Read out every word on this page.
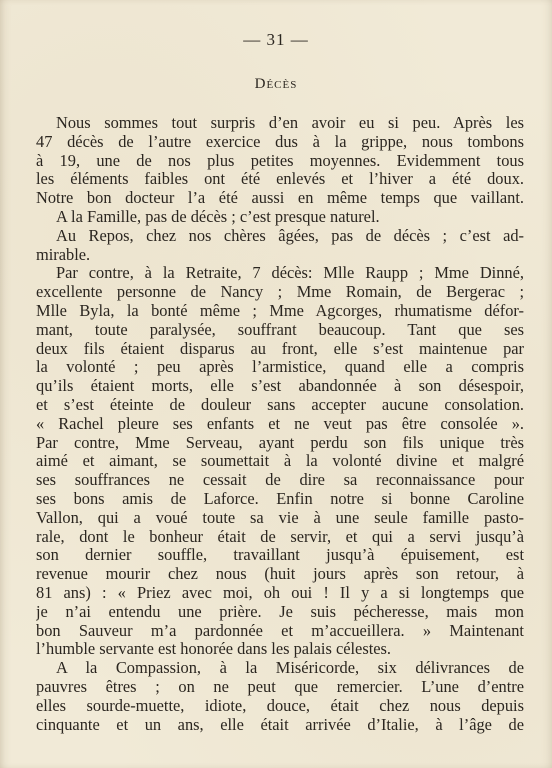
— 31 —
Décès
Nous sommes tout surpris d’en avoir eu si peu. Après les
47 décès de l’autre exercice dus à la grippe, nous tombons
à 19, une de nos plus petites moyennes. Evidemment tous
les éléments faibles ont été enlevés et l’hiver a été doux.
Notre bon docteur l’a été aussi en même temps que vaillant.
A la Famille, pas de décès ; c’est presque naturel.
Au Repos, chez nos chères âgées, pas de décès ; c’est ad-
mirable.
Par contre, à la Retraite, 7 décès: Mlle Raupp ; Mme Dinné,
excellente personne de Nancy ; Mme Romain, de Bergerac ;
Mlle Byla, la bonté même ; Mme Agcorges, rhumatisme défor-
mant, toute paralysée, souffrant beaucoup. Tant que ses
deux fils étaient disparus au front, elle s’est maintenue par
la volonté ; peu après l’armistice, quand elle a compris
qu’ils étaient morts, elle s’est abandonnée à son désespoir,
et s’est éteinte de douleur sans accepter aucune consolation.
« Rachel pleure ses enfants et ne veut pas être consolée ».
Par contre, Mme Serveau, ayant perdu son fils unique très
aimé et aimant, se soumettait à la volonté divine et malgré
ses souffrances ne cessait de dire sa reconnaissance pour
ses bons amis de Laforce. Enfin notre si bonne Caroline
Vallon, qui a voué toute sa vie à une seule famille pasto-
rale, dont le bonheur était de servir, et qui a servi jusqu’à
son dernier souffle, travaillant jusqu’à épuisement, est
revenue mourir chez nous (huit jours après son retour, à
81 ans) : « Priez avec moi, oh oui ! Il y a si longtemps que
je n’ai entendu une prière. Je suis pécheresse, mais mon
bon Sauveur m’a pardonnée et m’accueillera. » Maintenant
l’humble servante est honorée dans les palais célestes.
A la Compassion, à la Miséricorde, six délivrances de
pauvres êtres ; on ne peut que remercier. L’une d’entre
elles sourde-muette, idiote, douce, était chez nous depuis
cinquante et un ans, elle était arrivée d’Italie, à l’âge de
